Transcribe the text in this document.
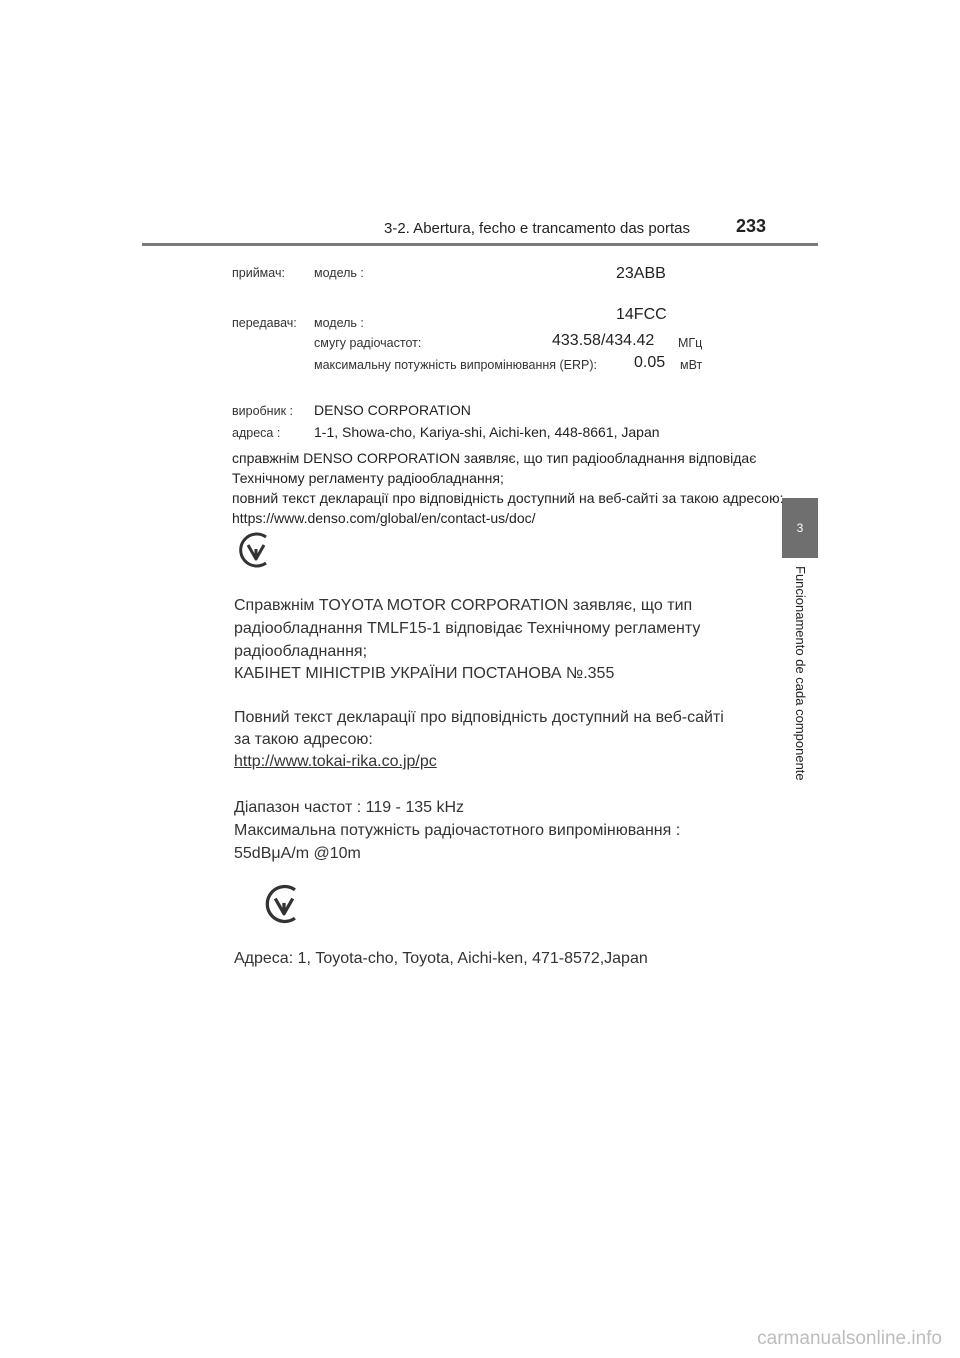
3-2. Abertura, fecho e trancamento das portas	233
3
Funcionamento de cada componente
приймач: модель :	23ABB
передавач: модель :	14FCC
смугу радіочастот:	433.58/434.42 МГц
максимальну потужність випромінювання (ERP): 0.05 мВт
виробник : DENSO CORPORATION
адреса : 1-1, Showa-cho, Kariya-shi, Aichi-ken, 448-8661, Japan
справжнім DENSO CORPORATION заявляє, що тип радіообладнання відповідає
Технічному регламенту радіообладнання;
повний текст декларації про відповідність доступний на веб-сайті за такою адресою:
https://www.denso.com/global/en/contact-us/doc/
Справжнім TOYOTA MOTOR CORPORATION заявляє, що тип
радіообладнання TMLF15-1 відповідає Технічному регламенту
радіообладнання;
КАБІНЕТ МІНІСТРІВ УКРАЇНИ ПОСТАНОВА №.355
Повний текст декларації про відповідність доступний на веб-сайті
за такою адресою:
http://www.tokai-rika.co.jp/pc
Діапазон частот : 119 - 135 kHz
Максимальна потужність радіочастотного випромінювання :
55dBμA/m @10m
Адреса: 1, Toyota-cho, Toyota, Aichi-ken, 471-8572,Japan
carmanualsonline.info
